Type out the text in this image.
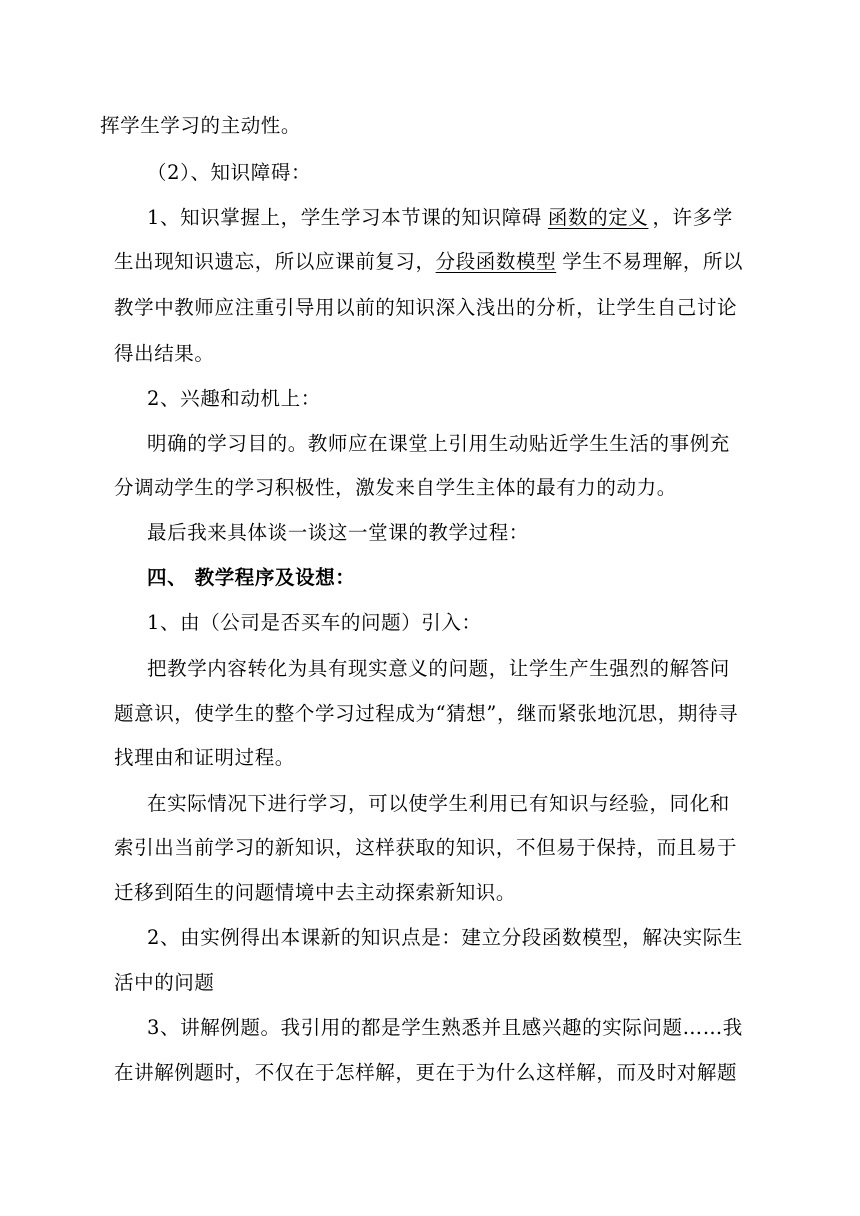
挥学生学习的主动性。
（2）、知识障碍：
1、知识掌握上，学生学习本节课的知识障碍 函数的定义 ，许多学
生出现知识遗忘，所以应课前复习，分段函数模型 学生不易理解，所以
教学中教师应注重引导用以前的知识深入浅出的分析，让学生自己讨论
得出结果。
2、兴趣和动机上：
明确的学习目的。教师应在课堂上引用生动贴近学生生活的事例充
分调动学生的学习积极性，激发来自学生主体的最有力的动力。
最后我来具体谈一谈这一堂课的教学过程：
四、 教学程序及设想：
1、由（公司是否买车的问题）引入：
把教学内容转化为具有现实意义的问题，让学生产生强烈的解答问
题意识，使学生的整个学习过程成为“猜想”，继而紧张地沉思，期待寻
找理由和证明过程。
在实际情况下进行学习，可以使学生利用已有知识与经验，同化和
索引出当前学习的新知识，这样获取的知识，不但易于保持，而且易于
迁移到陌生的问题情境中去主动探索新知识。
2、由实例得出本课新的知识点是：建立分段函数模型，解决实际生
活中的问题
3、讲解例题。我引用的都是学生熟悉并且感兴趣的实际问题……我
在讲解例题时，不仅在于怎样解，更在于为什么这样解，而及时对解题
